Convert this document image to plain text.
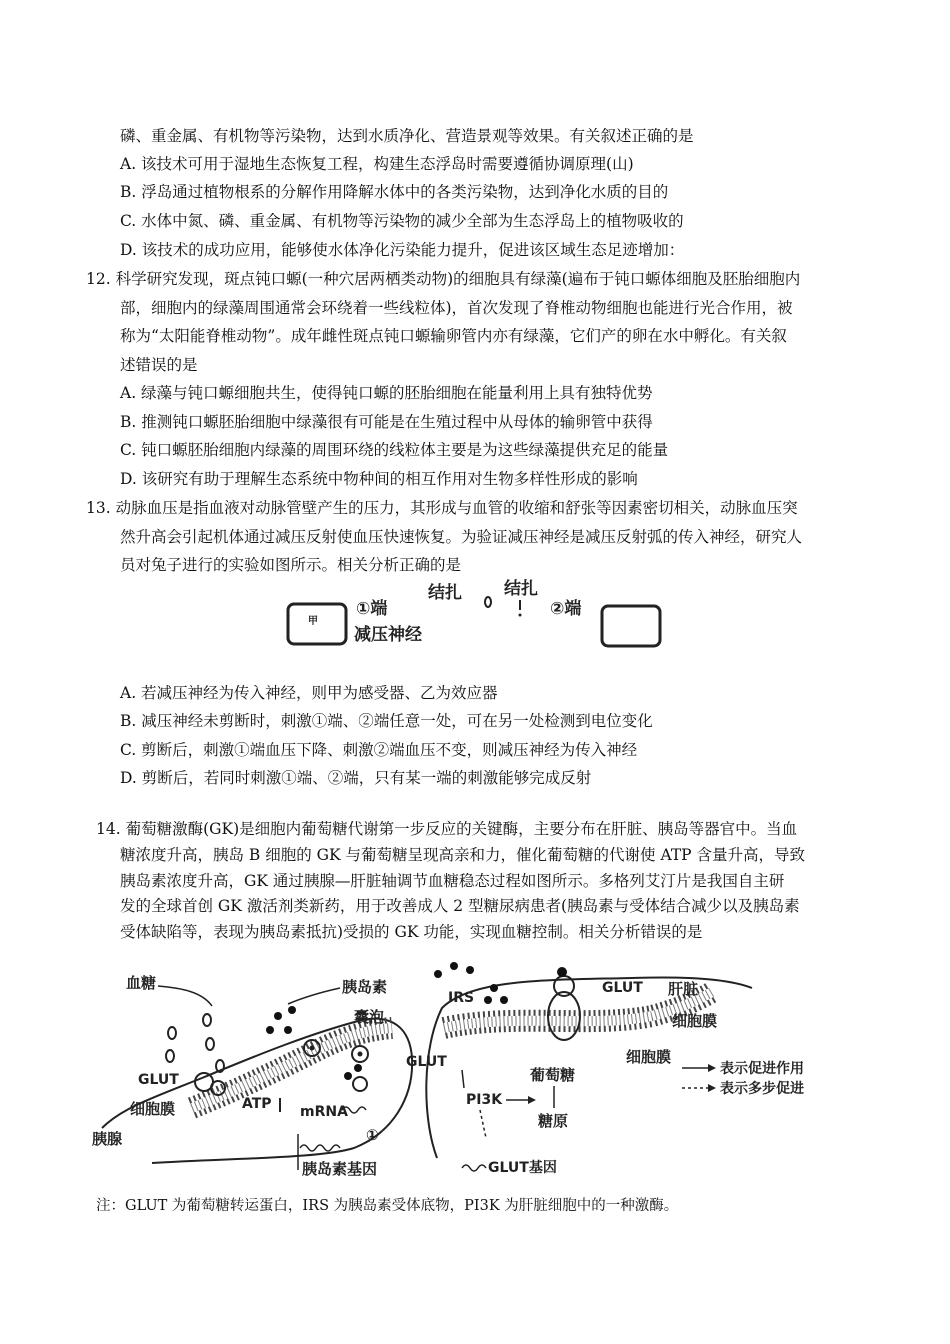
磷、重金属、有机物等污染物，达到水质净化、营造景观等效果。有关叙述正确的是
A. 该技术可用于湿地生态恢复工程，构建生态浮岛时需要遵循协调原理(山)
B. 浮岛通过植物根系的分解作用降解水体中的各类污染物，达到净化水质的目的
C. 水体中氮、磷、重金属、有机物等污染物的减少全部为生态浮岛上的植物吸收的
D. 该技术的成功应用，能够使水体净化污染能力提升，促进该区域生态足迹增加：
12. 科学研究发现，斑点钝口螈(一种穴居两栖类动物)的细胞具有绿藻(遍布于钝口螈体细胞及胚胎细胞内
部，细胞内的绿藻周围通常会环绕着一些线粒体)，首次发现了脊椎动物细胞也能进行光合作用，被
称为“太阳能脊椎动物”。成年雌性斑点钝口螈输卵管内亦有绿藻，它们产的卵在水中孵化。有关叙
述错误的是
A. 绿藻与钝口螈细胞共生，使得钝口螈的胚胎细胞在能量利用上具有独特优势
B. 推测钝口螈胚胎细胞中绿藻很有可能是在生殖过程中从母体的输卵管中获得
C. 钝口螈胚胎细胞内绿藻的周围环绕的线粒体主要是为这些绿藻提供充足的能量
D. 该研究有助于理解生态系统中物种间的相互作用对生物多样性形成的影响
13. 动脉血压是指血液对动脉管壁产生的压力，其形成与血管的收缩和舒张等因素密切相关，动脉血压突
然升高会引起机体通过减压反射使血压快速恢复。为验证减压神经是减压反射弧的传入神经，研究人
员对兔子进行的实验如图所示。相关分析正确的是
甲
①端
减压神经
结扎 结扎
②端
A. 若减压神经为传入神经，则甲为感受器、乙为效应器
B. 减压神经未剪断时，刺激①端、②端任意一处，可在另一处检测到电位变化
C. 剪断后，刺激①端血压下降、刺激②端血压不变，则减压神经为传入神经
D. 剪断后，若同时刺激①端、②端，只有某一端的刺激能够完成反射
14. 葡萄糖激酶(GK)是细胞内葡萄糖代谢第一步反应的关键酶，主要分布在肝脏、胰岛等器官中。当血
糖浓度升高，胰岛 B 细胞的 GK 与葡萄糖呈现高亲和力，催化葡萄糖的代谢使 ATP 含量升高，导致
胰岛素浓度升高，GK 通过胰腺—肝脏轴调节血糖稳态过程如图所示。多格列艾汀片是我国自主研
发的全球首创 GK 激活剂类新药，用于改善成人 2 型糖尿病患者(胰岛素与受体结合减少以及胰岛素
受体缺陷等，表现为胰岛素抵抗)受损的 GK 功能，实现血糖控制。相关分析错误的是
血糖	胰岛素
囊泡
GLUT
细胞膜
胰腺
ATP mRNA
①
胰岛素基因
IRS
GLUT 肝脏
细胞膜
细胞膜
GLUT
葡萄糖
PI3K
糖原
GLUT基因
表示促进作用
表示多步促进
注：GLUT 为葡萄糖转运蛋白，IRS 为胰岛素受体底物，PI3K 为肝脏细胞中的一种激酶。
